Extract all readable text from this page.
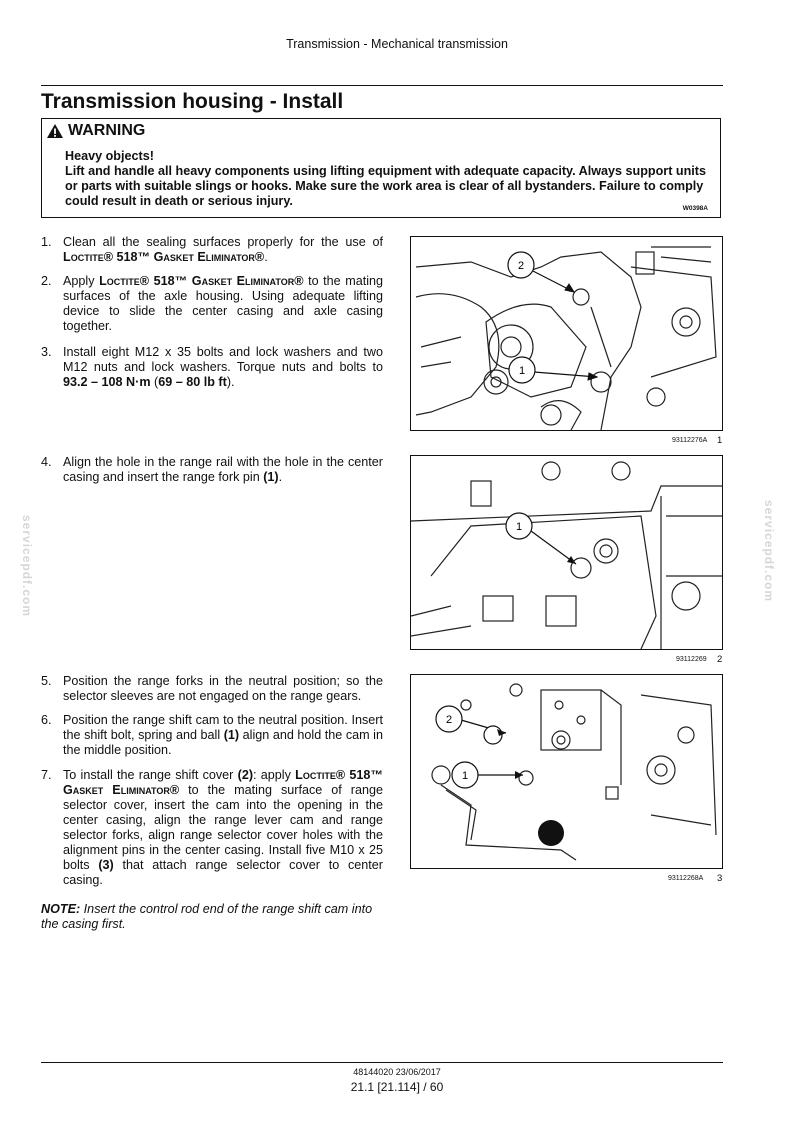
Transmission - Mechanical transmission
Transmission housing - Install
WARNING
Heavy objects!
Lift and handle all heavy components using lifting equipment with adequate capacity. Always support units or parts with suitable slings or hooks. Make sure the work area is clear of all bystanders. Failure to comply could result in death or serious injury.
W0398A
1. Clean all the sealing surfaces properly for the use of Loctite® 518™ Gasket Eliminator®.
2. Apply Loctite® 518™ Gasket Eliminator® to the mating surfaces of the axle housing. Using adequate lifting device to slide the center casing and axle casing together.
3. Install eight M12 x 35 bolts and lock washers and two M12 nuts and lock washers. Torque nuts and bolts to 93.2 – 108 N·m (69 – 80 lb ft).
4. Align the hole in the range rail with the hole in the center casing and insert the range fork pin (1).
5. Position the range forks in the neutral position; so the selector sleeves are not engaged on the range gears.
6. Position the range shift cam to the neutral position. Insert the shift bolt, spring and ball (1) align and hold the cam in the middle position.
7. To install the range shift cover (2): apply Loctite® 518™ Gasket Eliminator® to the mating surface of range selector cover, insert the cam into the opening in the center casing, align the range lever cam and range selector forks, align range selector cover holes with the alignment pins in the center casing. Install five M10 x 25 bolts (3) that attach range selector cover to center casing.
NOTE: Insert the control rod end of the range shift cam into the casing first.
2
1
93112276A 1
1
93112269 2
2
1
93112268A 3
servicepdf.com	servicepdf.com
48144020 23/06/2017
21.1 [21.114] / 60
